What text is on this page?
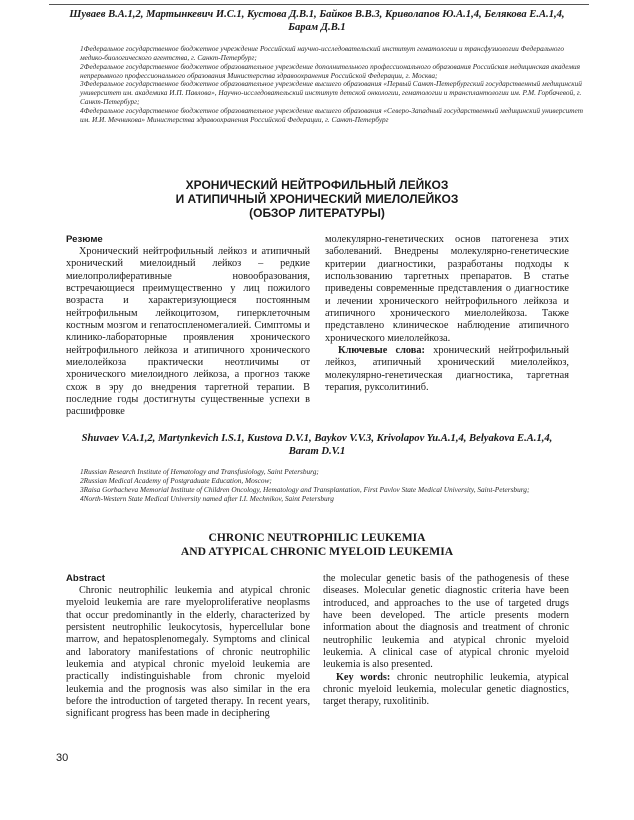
Шуваев В.А.1,2, Мартынкевич И.С.1, Кустова Д.В.1, Байков В.В.3, Криволапов Ю.А.1,4, Белякова Е.А.1,4,
Барам Д.В.1
1Федеральное государственное бюджетное учреждение Российский научно-исследовательский институт гематологии и трансфузиологии Федерального медико-биологического агентства, г. Санкт-Петербург;
2Федеральное государственное бюджетное образовательное учреждение дополнительного профессионального образования Российская медицинская академия непрерывного профессионального образования Министерства здравоохранения Российской Федерации, г. Москва;
3Федеральное государственное бюджетное образовательное учреждение высшего образования «Первый Санкт-Петербургский государственный медицинский университет им. академика И.П. Павлова», Научно-исследовательский институт детской онкологии, гематологии и трансплантологии им. Р.М. Горбачевой, г. Санкт-Петербург;
4Федеральное государственное бюджетное образовательное учреждение высшего образования «Северо-Западный государственный медицинский университет им. И.И. Мечникова» Министерства здравоохранения Российской Федерации, г. Санкт-Петербург
ХРОНИЧЕСКИЙ НЕЙТРОФИЛЬНЫЙ ЛЕЙКОЗ
И АТИПИЧНЫЙ ХРОНИЧЕСКИЙ МИЕЛОЛЕЙКОЗ
(ОБЗОР ЛИТЕРАТУРЫ)
Резюме

Хронический нейтрофильный лейкоз и атипичный хронический миелоидный лейкоз – редкие миелопролиферативные новообразования, встречающиеся преимущественно у лиц пожилого возраста и характеризующиеся постоянным нейтрофильным лейкоцитозом, гиперклеточным костным мозгом и гепатоспленомегалией. Симптомы и клинико-лабораторные проявления хронического нейтрофильного лейкоза и атипичного хронического миелолейкоза практически неотличимы от хронического миелоидного лейкоза, а прогноз также схож в эру до внедрения таргетной терапии. В последние годы достигнуты существенные успехи в расшифровке

молекулярно-генетических основ патогенеза этих заболеваний. Внедрены молекулярно-генетические критерии диагностики, разработаны подходы к использованию таргетных препаратов. В статье приведены современные представления о диагностике и лечении хронического нейтрофильного лейкоза и атипичного хронического миелолейкоза. Также представлено клиническое наблюдение атипичного хронического миелолейкоза.

Ключевые слова: хронический нейтрофильный лейкоз, атипичный хронический миелолейкоз, молекулярно-генетическая диагностика, таргетная терапия, руксолитиниб.

Shuvaev V.A.1,2, Martynkevich I.S.1, Kustova D.V.1, Baykov V.V.3, Krivolapov Yu.A.1,4, Belyakova E.A.1,4,
Baram D.V.1
1Russian Research Institute of Hematology and Transfusiology, Saint Petersburg;
2Russian Medical Academy of Postgraduate Education, Moscow;
3Raisa Gorbacheva Memorial Institute of Children Oncology, Hematology and Transplantation, First Pavlov State Medical University, Saint-Petersburg;
4North-Western State Medical University named after I.I. Mechnikov, Saint Petersburg
CHRONIC NEUTROPHILIC LEUKEMIA
AND ATYPICAL CHRONIC MYELOID LEUKEMIA
Abstract

Chronic neutrophilic leukemia and atypical chronic myeloid leukemia are rare myeloproliferative neoplasms that occur predominantly in the elderly, characterized by persistent neutrophilic leukocytosis, hypercellular bone marrow, and hepatosplenomegaly. Symptoms and clinical and laboratory manifestations of chronic neutrophilic leukemia and atypical chronic myeloid leukemia are practically indistinguishable from chronic myeloid leukemia and the prognosis was also similar in the era before the introduction of targeted therapy. In recent years, significant progress has been made in deciphering

the molecular genetic basis of the pathogenesis of these diseases. Molecular genetic diagnostic criteria have been introduced, and approaches to the use of targeted drugs have been developed. The article presents modern information about the diagnosis and treatment of chronic neutrophilic leukemia and atypical chronic myeloid leukemia. A clinical case of atypical chronic myeloid leukemia is also presented.

Key words: chronic neutrophilic leukemia, atypical chronic myeloid leukemia, molecular genetic diagnostics, target therapy, ruxolitinib.

30
